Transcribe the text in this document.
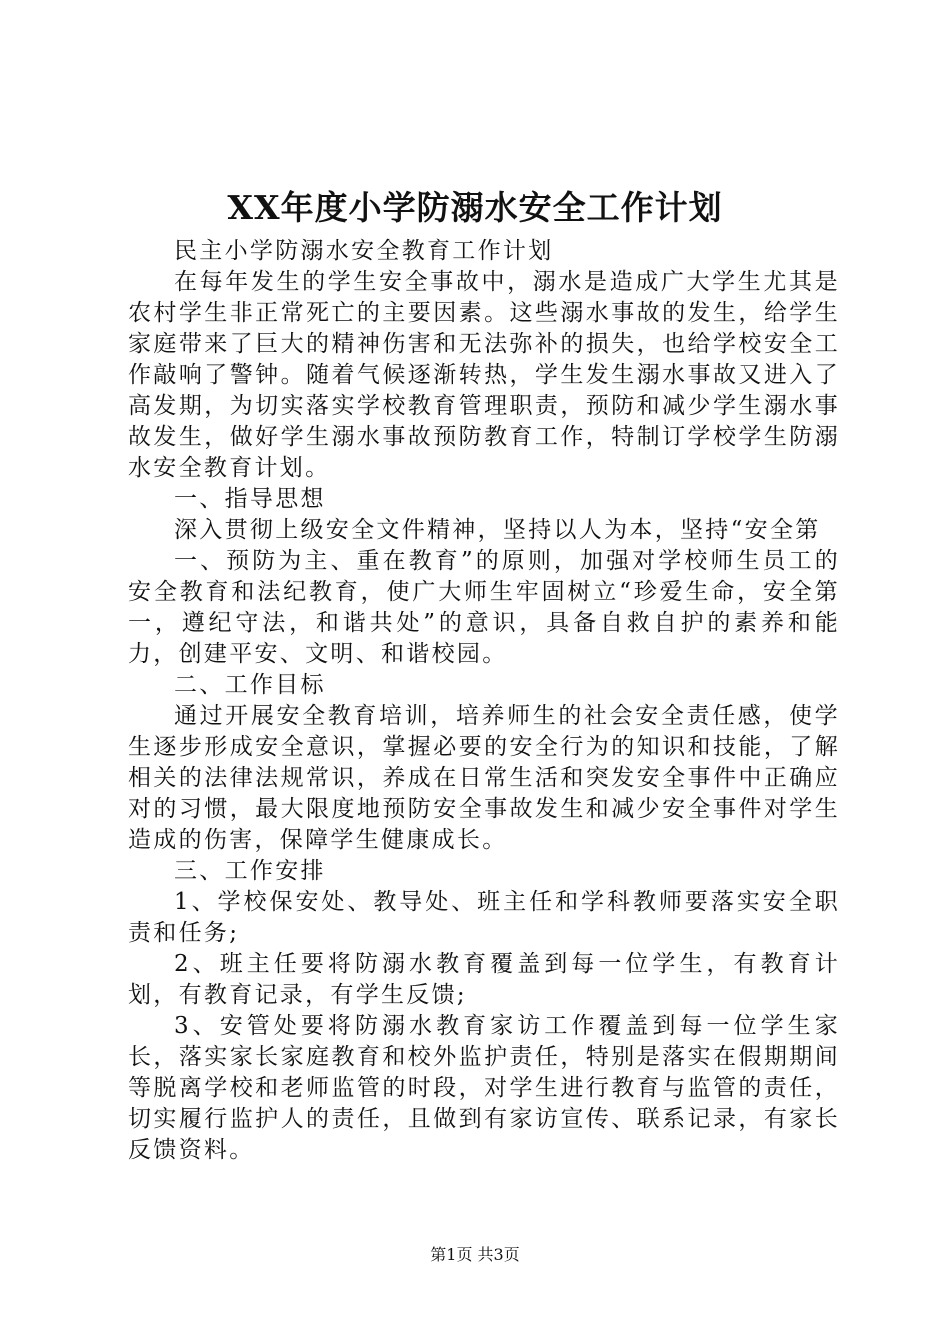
XX年度小学防溺水安全工作计划

民主小学防溺水安全教育工作计划

在每年发生的学生安全事故中，溺水是造成广大学生尤其是农村学生非正常死亡的主要因素。这些溺水事故的发生，给学生家庭带来了巨大的精神伤害和无法弥补的损失，也给学校安全工作敲响了警钟。随着气候逐渐转热，学生发生溺水事故又进入了高发期，为切实落实学校教育管理职责，预防和减少学生溺水事故发生，做好学生溺水事故预防教育工作，特制订学校学生防溺水安全教育计划。

一、指导思想

深入贯彻上级安全文件精神，坚持以人为本，坚持“安全第

一、预防为主、重在教育”的原则，加强对学校师生员工的安全教育和法纪教育，使广大师生牢固树立“珍爱生命，安全第一，遵纪守法，和谐共处”的意识，具备自救自护的素养和能力，创建平安、文明、和谐校园。

二、工作目标

通过开展安全教育培训，培养师生的社会安全责任感，使学生逐步形成安全意识，掌握必要的安全行为的知识和技能，了解相关的法律法规常识，养成在日常生活和突发安全事件中正确应对的习惯，最大限度地预防安全事故发生和减少安全事件对学生造成的伤害，保障学生健康成长。

三、工作安排

1、学校保安处、教导处、班主任和学科教师要落实安全职责和任务;

2、班主任要将防溺水教育覆盖到每一位学生，有教育计划，有教育记录，有学生反馈;

3、安管处要将防溺水教育家访工作覆盖到每一位学生家长，落实家长家庭教育和校外监护责任，特别是落实在假期期间等脱离学校和老师监管的时段，对学生进行教育与监管的责任，切实履行监护人的责任，且做到有家访宣传、联系记录，有家长反馈资料。

第1页 共3页
